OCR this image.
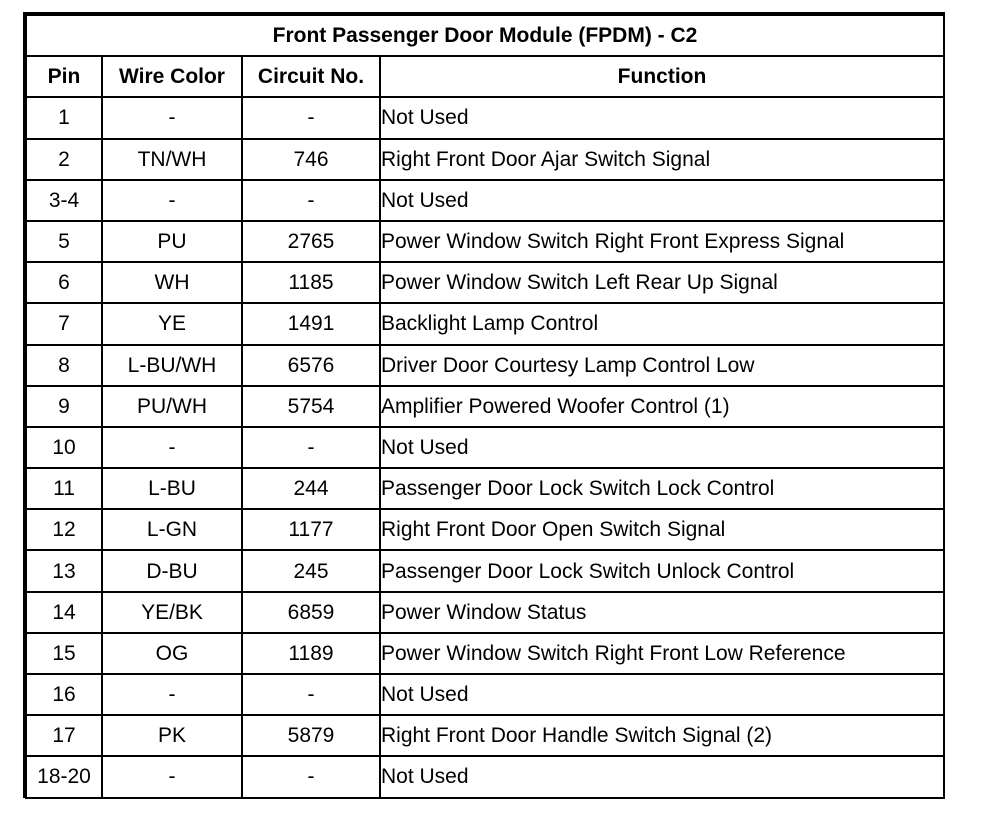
Front Passenger Door Module (FPDM) - C2			
Pin	Wire Color	Circuit No.	Function
1	-	-	Not Used
2	TN/WH	746	Right Front Door Ajar Switch Signal
3-4	-	-	Not Used
5	PU	2765	Power Window Switch Right Front Express Signal
6	WH	1185	Power Window Switch Left Rear Up Signal
7	YE	1491	Backlight Lamp Control
8	L-BU/WH	6576	Driver Door Courtesy Lamp Control Low
9	PU/WH	5754	Amplifier Powered Woofer Control (1)
10	-	-	Not Used
11	L-BU	244	Passenger Door Lock Switch Lock Control
12	L-GN	1177	Right Front Door Open Switch Signal
13	D-BU	245	Passenger Door Lock Switch Unlock Control
14	YE/BK	6859	Power Window Status
15	OG	1189	Power Window Switch Right Front Low Reference
16	-	-	Not Used
17	PK	5879	Right Front Door Handle Switch Signal (2)
18-20	-	-	Not Used
